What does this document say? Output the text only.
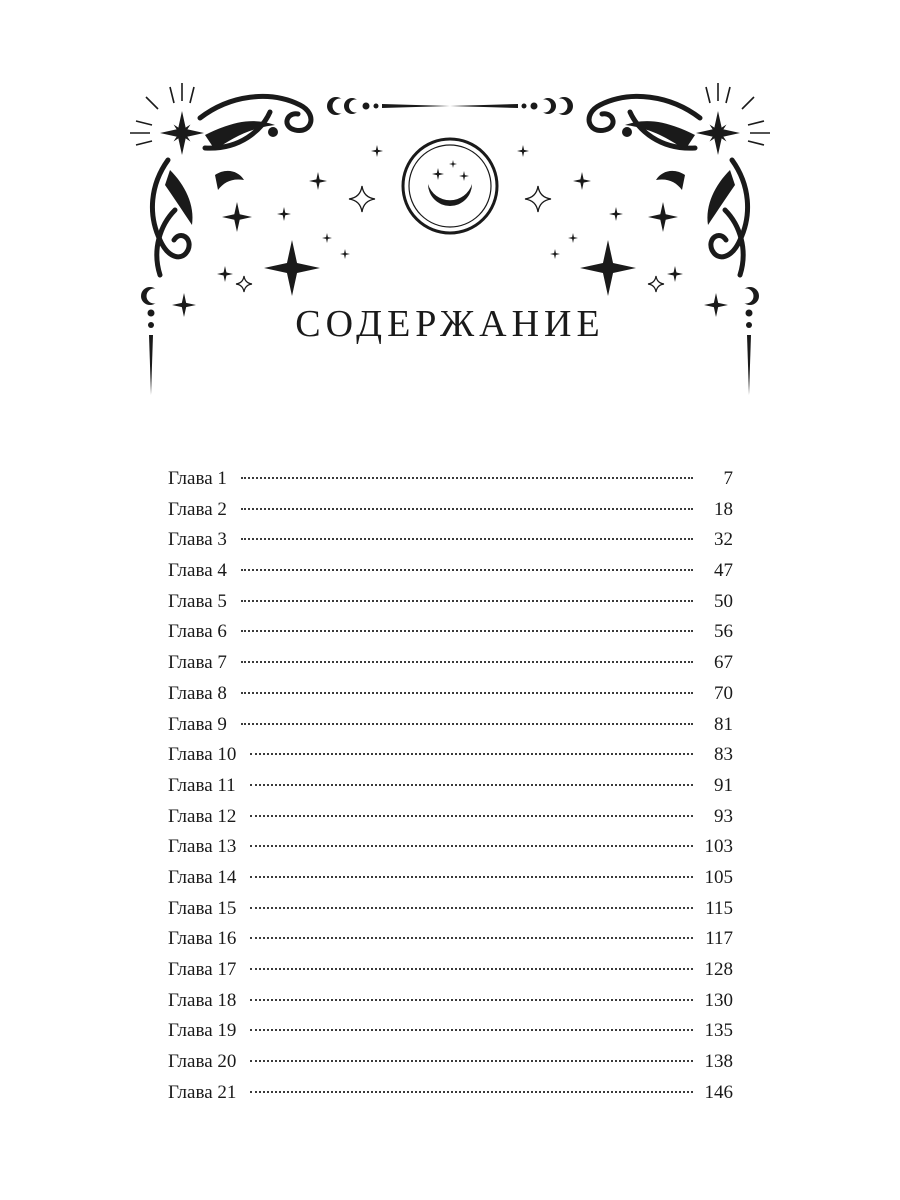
СОДЕРЖАНИЕ
Глава 1	7
Глава 2	18
Глава 3	32
Глава 4	47
Глава 5	50
Глава 6	56
Глава 7	67
Глава 8	70
Глава 9	81
Глава 10	83
Глава 11	91
Глава 12	93
Глава 13	103
Глава 14	105
Глава 15	115
Глава 16	117
Глава 17	128
Глава 18	130
Глава 19	135
Глава 20	138
Глава 21	146
